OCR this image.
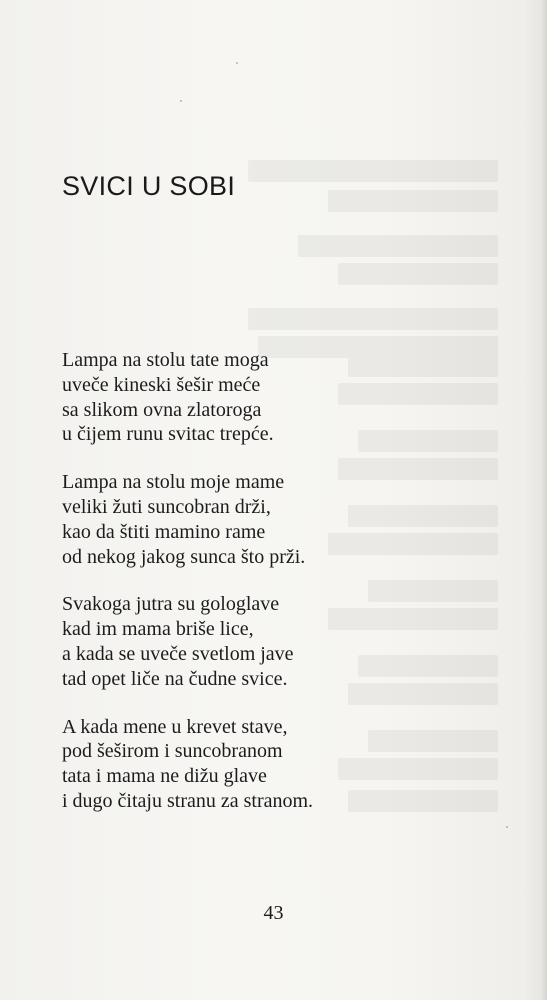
SVICI U SOBI
Lampa na stolu tate moga
uveče kineski šešir meće
sa slikom ovna zlatoroga
u čijem runu svitac trepće.
Lampa na stolu moje mame
veliki žuti suncobran drži,
kao da štiti mamino rame
od nekog jakog sunca što prži.
Svakoga jutra su gologlave
kad im mama briše lice,
a kada se uveče svetlom jave
tad opet liče na čudne svice.
A kada mene u krevet stave,
pod šeširom i suncobranom
tata i mama ne dižu glave
i dugo čitaju stranu za stranom.
43
